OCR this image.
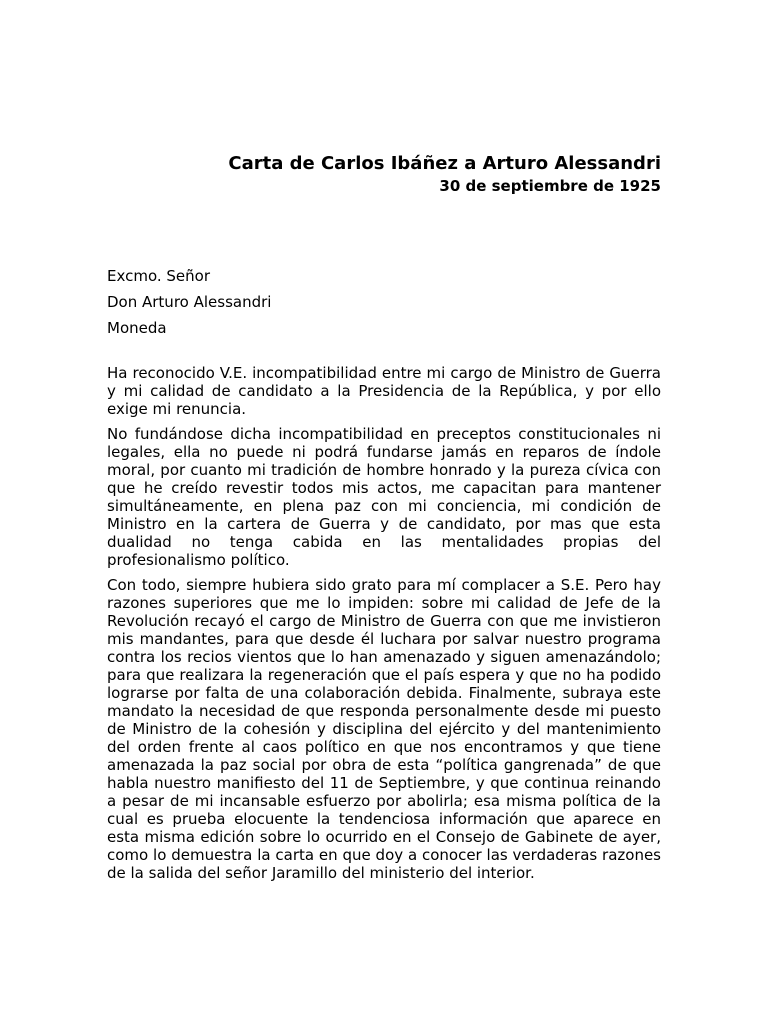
Carta de Carlos Ibáñez a Arturo Alessandri

30 de septiembre de 1925

Excmo. Señor

Don Arturo Alessandri

Moneda

Ha reconocido V.E. incompatibilidad entre mi cargo de Ministro de Guerra y mi calidad de candidato a la Presidencia de la República, y por ello exige mi renuncia.

No fundándose dicha incompatibilidad en preceptos constitucionales ni legales, ella no puede ni podrá fundarse jamás en reparos de índole moral, por cuanto mi tradición de hombre honrado y la pureza cívica con que he creído revestir todos mis actos, me capacitan para mantener simultáneamente, en plena paz con mi conciencia, mi condición de Ministro en la cartera de Guerra y de candidato, por mas que esta dualidad no tenga cabida en las mentalidades propias del profesionalismo político.

Con todo, siempre hubiera sido grato para mí complacer a S.E. Pero hay razones superiores que me lo impiden: sobre mi calidad de Jefe de la Revolución recayó el cargo de Ministro de Guerra con que me invistieron mis mandantes, para que desde él luchara por salvar nuestro programa contra los recios vientos que lo han amenazado y siguen amenazándolo; para que realizara la regeneración que el país espera y que no ha podido lograrse por falta de una colaboración debida. Finalmente, subraya este mandato la necesidad de que responda personalmente desde mi puesto de Ministro de la cohesión y disciplina del ejército y del mantenimiento del orden frente al caos político en que nos encontramos y que tiene amenazada la paz social por obra de esta “política gangrenada” de que habla nuestro manifiesto del 11 de Septiembre, y que continua reinando a pesar de mi incansable esfuerzo por abolirla; esa misma política de la cual es prueba elocuente la tendenciosa información que aparece en esta misma edición sobre lo ocurrido en el Consejo de Gabinete de ayer, como lo demuestra la carta en que doy a conocer las verdaderas razones de la salida del señor Jaramillo del ministerio del interior.
